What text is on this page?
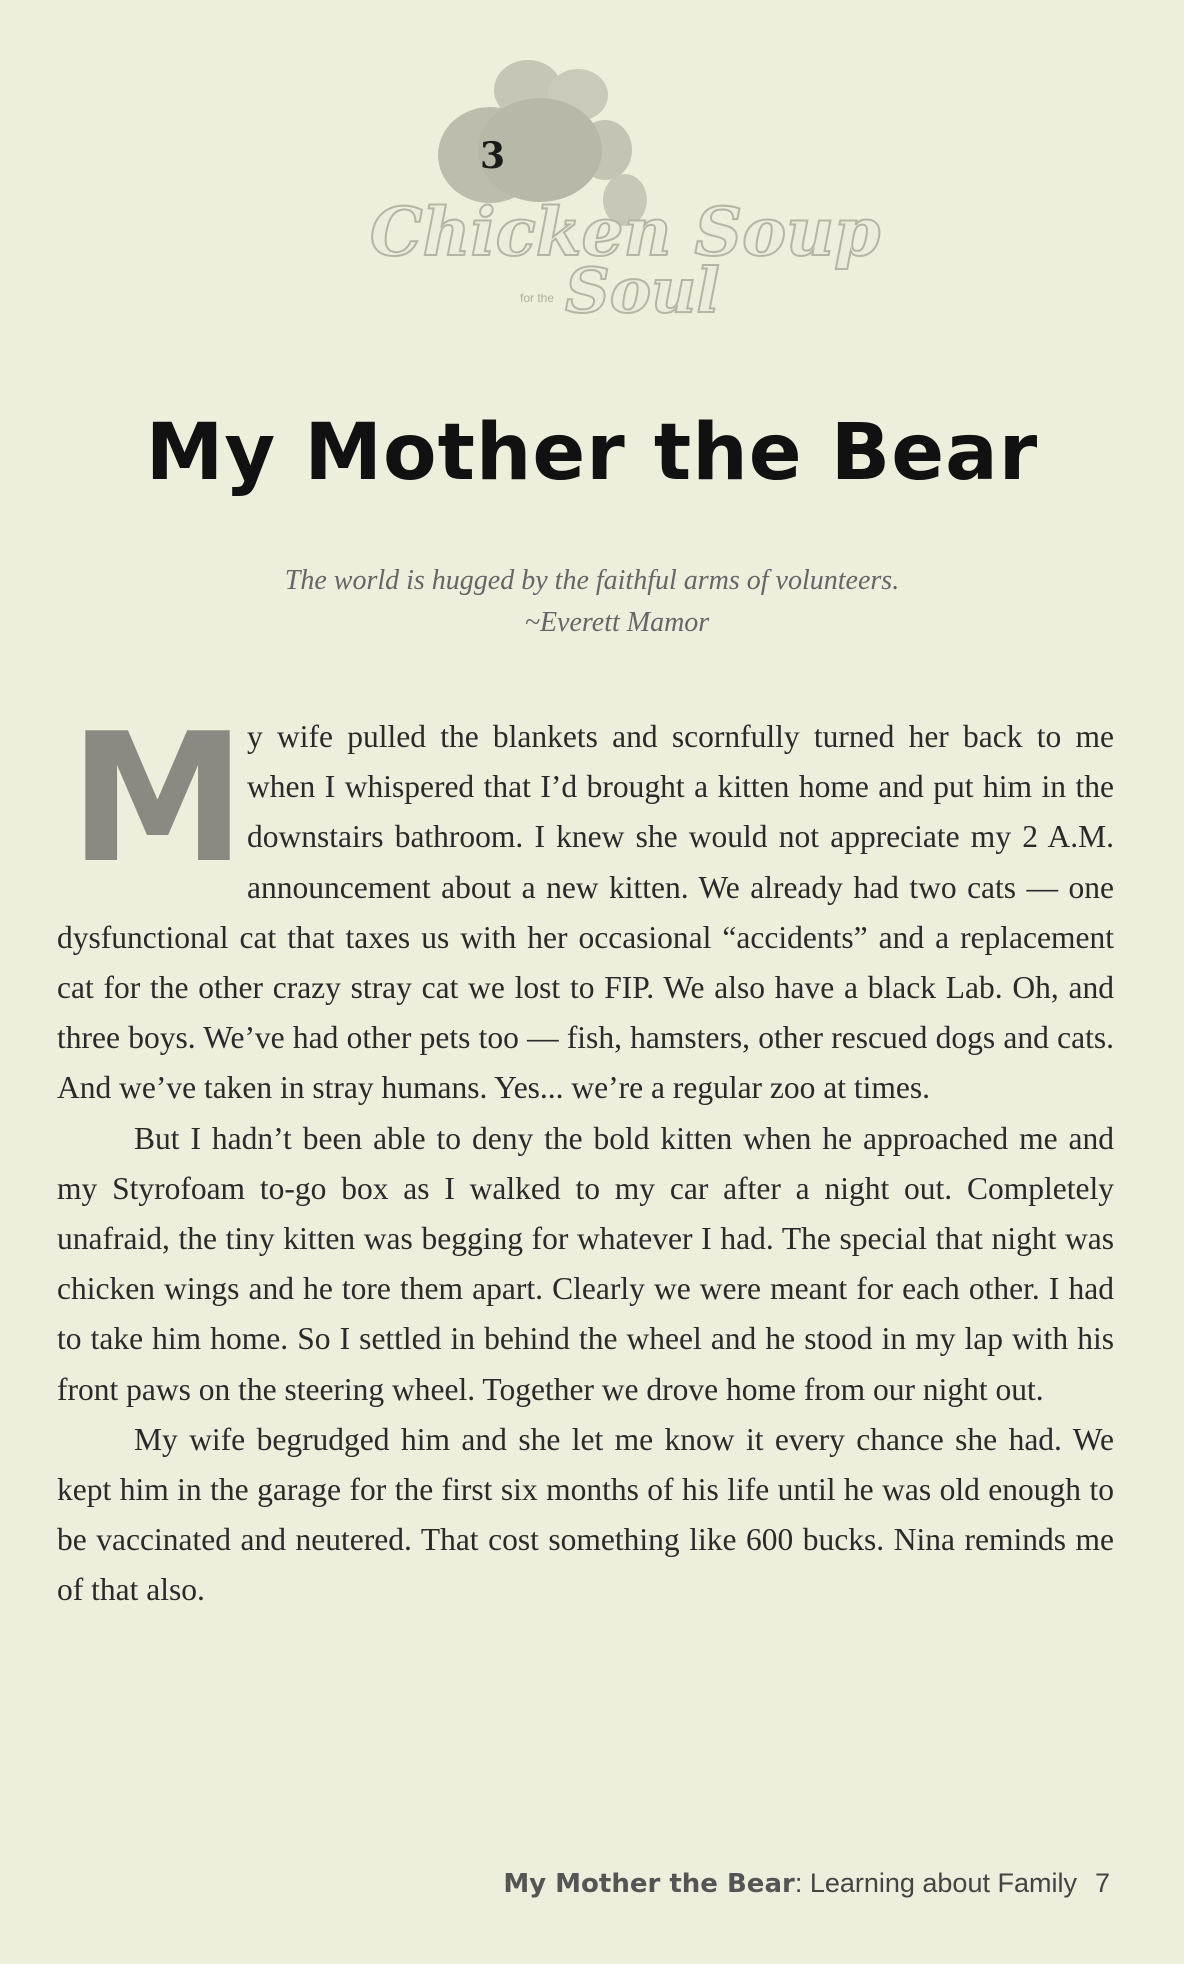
3
Chicken Soup
for the Soul
My Mother the Bear
The world is hugged by the faithful arms of volunteers.
~Everett Mamor

M y wife pulled the blankets and scornfully turned her back to me when I whispered that I’d brought a kitten home and put him in the downstairs bathroom. I knew she would not appreciate my 2 A.M. announcement about a new kitten. We already had two cats — one dysfunctional cat that taxes us with her occasional “accidents” and a replacement cat for the other crazy stray cat we lost to FIP. We also have a black Lab. Oh, and three boys. We’ve had other pets too — fish, hamsters, other rescued dogs and cats. And we’ve taken in stray humans. Yes... we’re a regular zoo at times.

But I hadn’t been able to deny the bold kitten when he approached me and my Styrofoam to-go box as I walked to my car after a night out. Completely unafraid, the tiny kitten was begging for whatever I had. The special that night was chicken wings and he tore them apart. Clearly we were meant for each other. I had to take him home. So I settled in behind the wheel and he stood in my lap with his front paws on the steering wheel. Together we drove home from our night out.

My wife begrudged him and she let me know it every chance she had. We kept him in the garage for the first six months of his life until he was old enough to be vaccinated and neutered. That cost something like 600 bucks. Nina reminds me of that also.

My Mother the Bear: Learning about Family 7
